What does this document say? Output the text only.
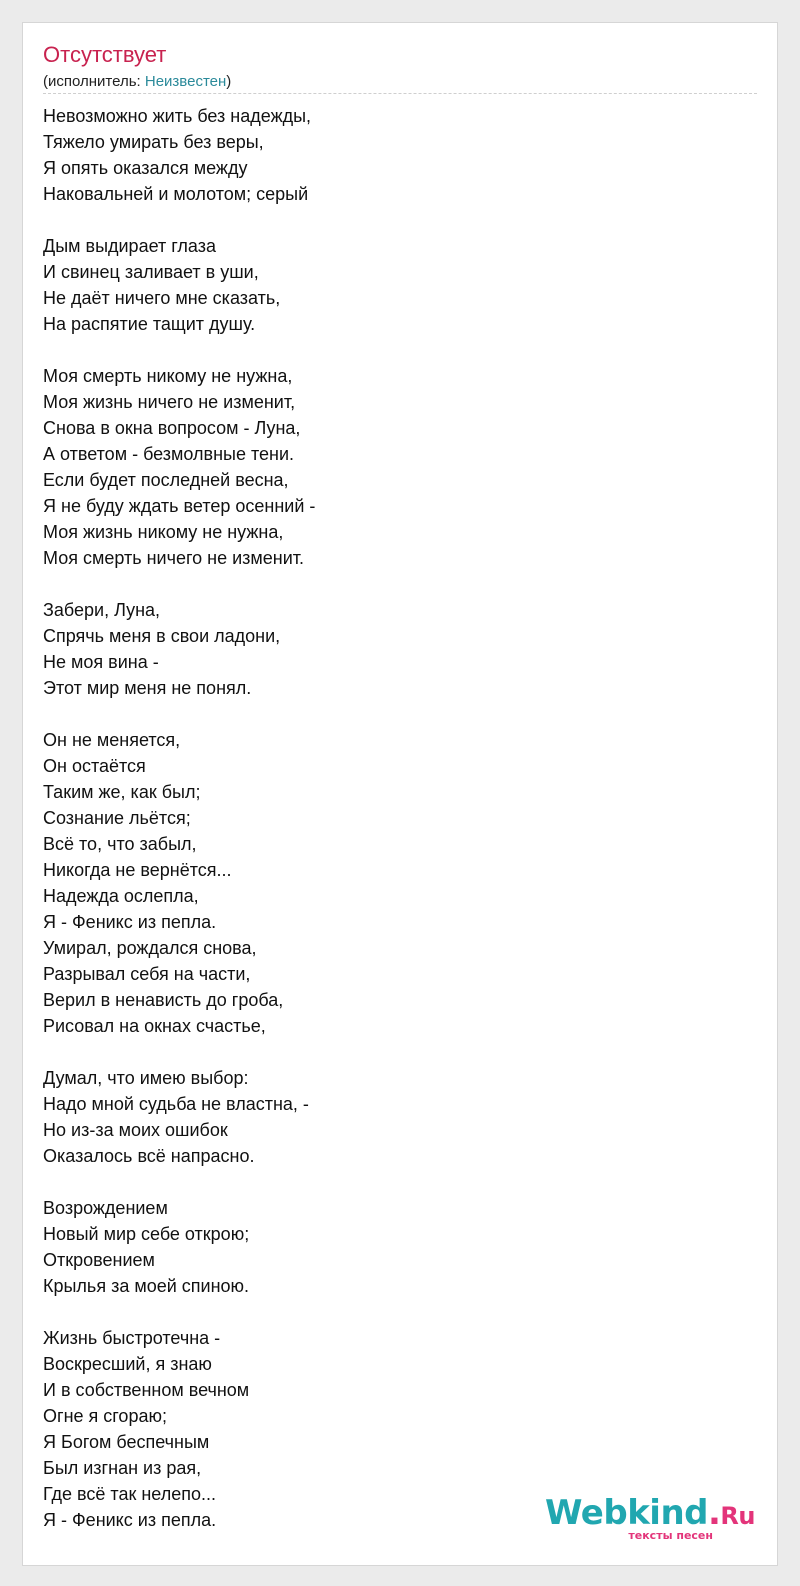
Отсутствует
(исполнитель: Неизвестен)
Невозможно жить без надежды,
Тяжело умирать без веры,
Я опять оказался между
Наковальней и молотом; серый
Дым выдирает глаза
И свинец заливает в уши,
Не даёт ничего мне сказать,
На распятие тащит душу.
Моя смерть никому не нужна,
Моя жизнь ничего не изменит,
Снова в окна вопросом - Луна,
А ответом - безмолвные тени.
Если будет последней весна,
Я не буду ждать ветер осенний -
Моя жизнь никому не нужна,
Моя смерть ничего не изменит.
Забери, Луна,
Спрячь меня в свои ладони,
Не моя вина -
Этот мир меня не понял.
Он не меняется,
Он остаётся
Таким же, как был;
Сознание льётся;
Всё то, что забыл,
Никогда не вернётся...
Надежда ослепла,
Я - Феникс из пепла.
Умирал, рождался снова,
Разрывал себя на части,
Верил в ненависть до гроба,
Рисовал на окнах счастье,
Думал, что имею выбор:
Надо мной судьба не властна, -
Но из-за моих ошибок
Оказалось всё напрасно.
Возрождением
Новый мир себе открою;
Откровением
Крылья за моей спиною.
Жизнь быстротечна -
Воскресший, я знаю
И в собственном вечном
Огне я сгораю;
Я Богом беспечным
Был изгнан из рая,
Где всё так нелепо...
Я - Феникс из пепла.	Webkind.Ru
тексты песен
